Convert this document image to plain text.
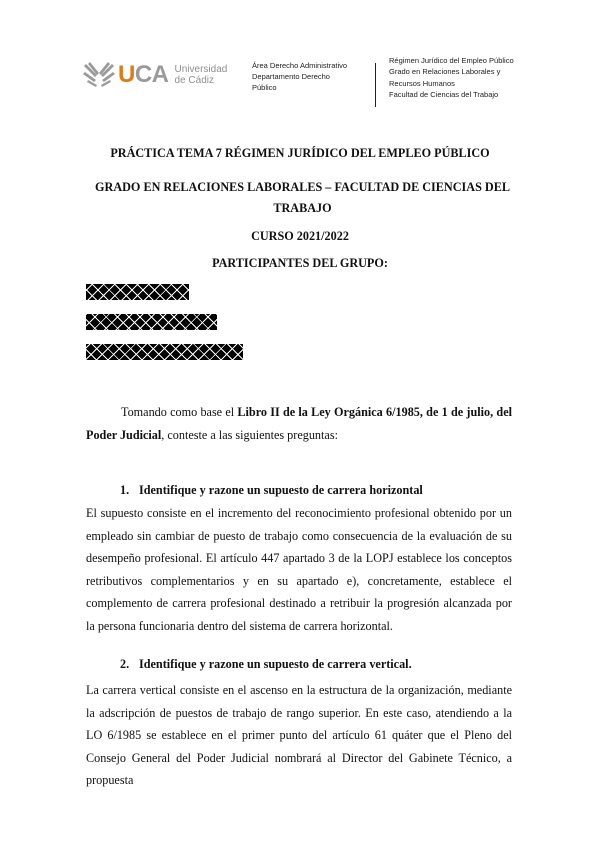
UCA Universidad
de Cádiz
Área Derecho Administrativo
Departamento Derecho
Público
Régimen Jurídico del Empleo Público
Grado en Relaciones Laborales y
Recursos Humanos
Facultad de Ciencias del Trabajo
PRÁCTICA TEMA 7 RÉGIMEN JURÍDICO DEL EMPLEO PÚBLICO
GRADO EN RELACIONES LABORALES – FACULTAD DE CIENCIAS DEL TRABAJO
CURSO 2021/2022
PARTICIPANTES DEL GRUPO:
Tomando como base el Libro II de la Ley Orgánica 6/1985, de 1 de julio, del Poder Judicial, conteste a las siguientes preguntas:
1. Identifique y razone un supuesto de carrera horizontal
El supuesto consiste en el incremento del reconocimiento profesional obtenido por un empleado sin cambiar de puesto de trabajo como consecuencia de la evaluación de su desempeño profesional. El artículo 447 apartado 3 de la LOPJ establece los conceptos retributivos complementarios y en su apartado e), concretamente, establece el complemento de carrera profesional destinado a retribuir la progresión alcanzada por la persona funcionaria dentro del sistema de carrera horizontal.
2. Identifique y razone un supuesto de carrera vertical.
La carrera vertical consiste en el ascenso en la estructura de la organización, mediante la adscripción de puestos de trabajo de rango superior. En este caso, atendiendo a la LO 6/1985 se establece en el primer punto del artículo 61 quáter que el Pleno del Consejo General del Poder Judicial nombrará al Director del Gabinete Técnico, a propuesta
